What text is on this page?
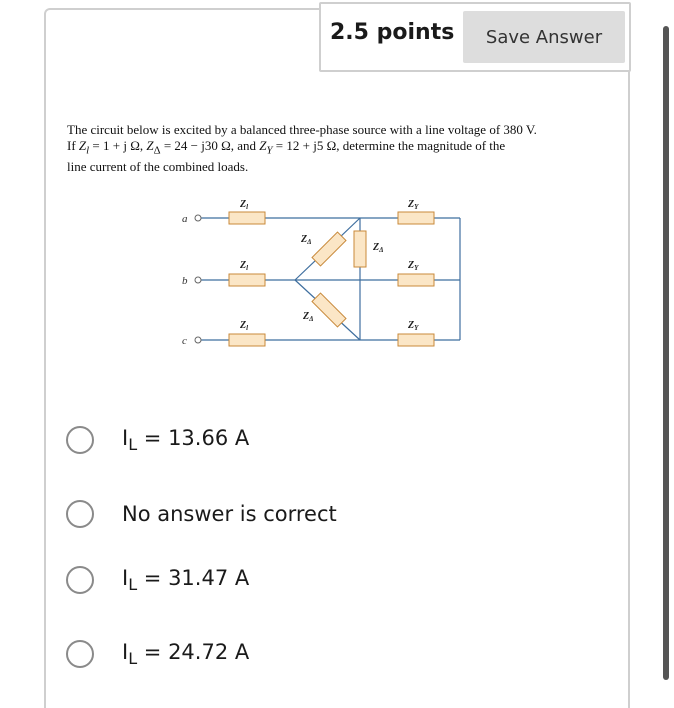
2.5 points	Save Answer
The circuit below is excited by a balanced three-phase source with a line voltage of 380 V.
If $Z_l = 1 + j$ Ω, $Z_\Delta = 24 - j30$ Ω, and $Z_Y = 12 + j5$ Ω, determine the magnitude of the
line current of the combined loads.
a
b
c
$Z_l$
$Z_l$
$Z_l$
$Z_Y$
$Z_Y$
$Z_Y$
$Z_\Delta$	$Z_\Delta$
$Z_\Delta$
$I_L = 13.66$ A
No answer is correct
$I_L = 31.47$ A
$I_L = 24.72$ A
